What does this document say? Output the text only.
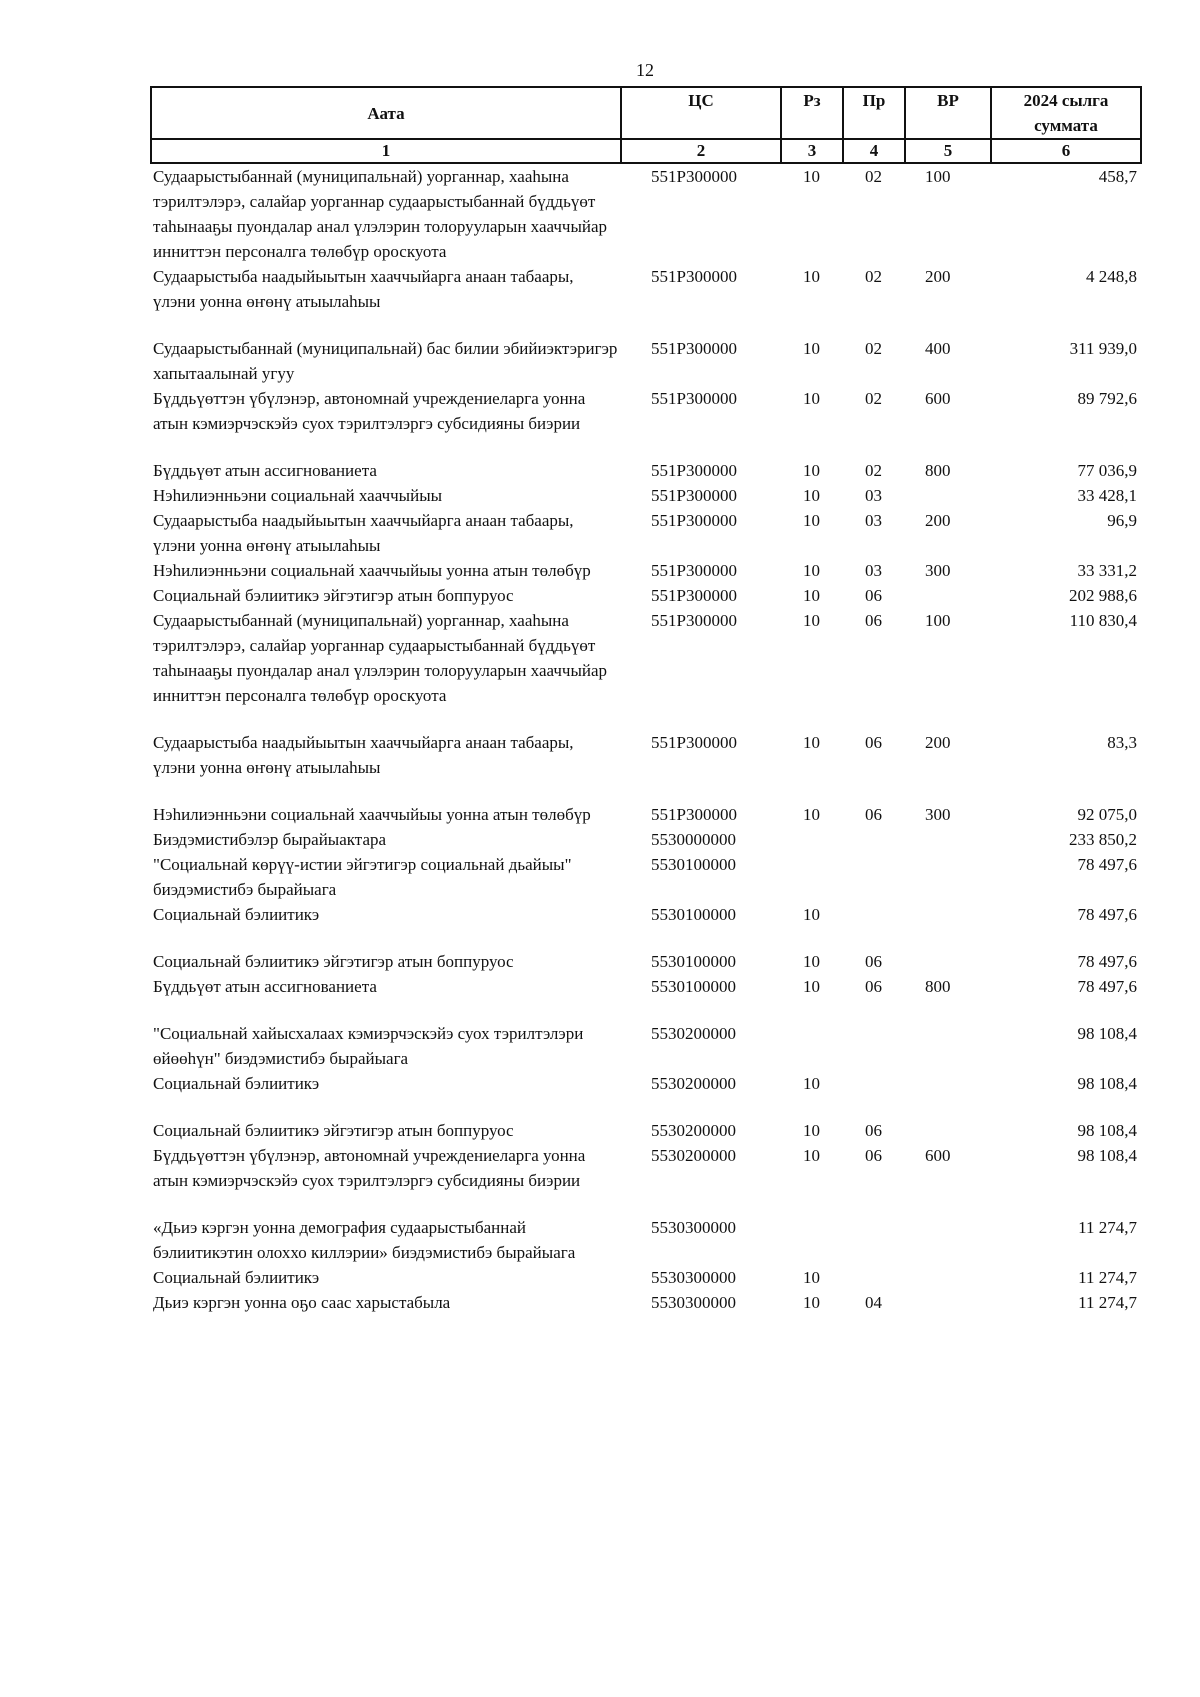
12
Аата	ЦС	Рз	Пр	ВР	2024 сылга суммата
1	2	3	4	5	6
Судаарыстыбаннай (муниципальнай) уорганнар, хааһына тэрилтэлэрэ, салайар уорганнар судаарыстыбаннай бүддьүөт таһынааҕы пуондалар анал үлэлэрин толорууларын хааччыйар инниттэн персоналга төлөбүр ороскуота	551Р300000	10	02	100	458,7
Судаарыстыба наадыйыытын хааччыйарга анаан табаары, үлэни уонна өҥөнү атыылаһыы	551Р300000	10	02	200	4 248,8
Судаарыстыбаннай (муниципальнай) бас билии эбийиэктэригэр хапытаалынай угуу	551Р300000	10	02	400	311 939,0
Бүддьүөттэн үбүлэнэр, автономнай учреждениеларга уонна атын кэмиэрчэскэйэ суох тэрилтэлэргэ субсидияны биэрии	551Р300000	10	02	600	89 792,6
Бүддьүөт атын ассигнованиета	551Р300000	10	02	800	77 036,9
Нэһилиэнньэни социальнай хааччыйыы	551Р300000	10	03		33 428,1
Судаарыстыба наадыйыытын хааччыйарга анаан табаары, үлэни уонна өҥөнү атыылаһыы	551Р300000	10	03	200	96,9
Нэһилиэнньэни социальнай хааччыйыы уонна атын төлөбүр	551Р300000	10	03	300	33 331,2
Социальнай бэлиитикэ эйгэтигэр атын боппуруос	551Р300000	10	06		202 988,6
Судаарыстыбаннай (муниципальнай) уорганнар, хааһына тэрилтэлэрэ, салайар уорганнар судаарыстыбаннай бүддьүөт таһынааҕы пуондалар анал үлэлэрин толорууларын хааччыйар инниттэн персоналга төлөбүр ороскуота	551Р300000	10	06	100	110 830,4
Судаарыстыба наадыйыытын хааччыйарга анаан табаары, үлэни уонна өҥөнү атыылаһыы	551Р300000	10	06	200	83,3
Нэһилиэнньэни социальнай хааччыйыы уонна атын төлөбүр	551Р300000	10	06	300	92 075,0
Биэдэмистибэлэр бырайыактара	5530000000				233 850,2
"Социальнай көрүү-истии эйгэтигэр социальнай дьайыы" биэдэмистибэ бырайыага	5530100000				78 497,6
Социальнай бэлиитикэ	5530100000	10			78 497,6
Социальнай бэлиитикэ эйгэтигэр атын боппуруос	5530100000	10	06		78 497,6
Бүддьүөт атын ассигнованиета	5530100000	10	06	800	78 497,6
"Социальнай хайысхалаах кэмиэрчэскэйэ суох тэрилтэлэри өйөөһүн" биэдэмистибэ бырайыага	5530200000				98 108,4
Социальнай бэлиитикэ	5530200000	10			98 108,4
Социальнай бэлиитикэ эйгэтигэр атын боппуруос	5530200000	10	06		98 108,4
Бүддьүөттэн үбүлэнэр, автономнай учреждениеларга уонна атын кэмиэрчэскэйэ суох тэрилтэлэргэ субсидияны биэрии	5530200000	10	06	600	98 108,4
«Дьиэ кэргэн уонна демография судаарыстыбаннай бэлиитикэтин олоххо киллэрии» биэдэмистибэ бырайыага	5530300000				11 274,7
Социальнай бэлиитикэ	5530300000	10			11 274,7
Дьиэ кэргэн уонна оҕо саас харыстабыла	5530300000	10	04		11 274,7
